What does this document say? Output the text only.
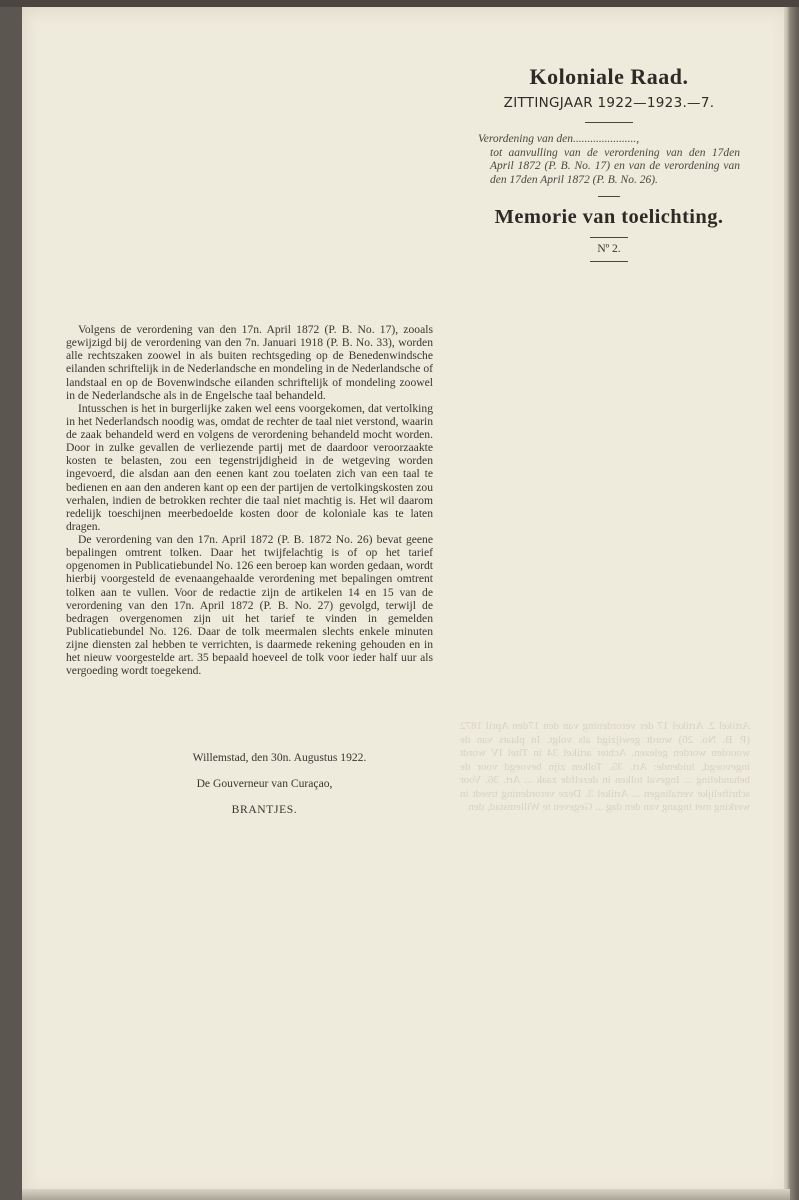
Artikel 2. Artikel 17 der verordening van den 17den April 1872 (P. B. No. 26) wordt gewijzigd als volgt. In plaats van de woorden worden gelezen. Achter artikel 34 in Titel IV wordt ingevoegd, luidende: Art. 35. Tolken zijn bevoegd voor de behandeling ... Ingeval tolken in dezelfde zaak ... Art. 36. Voor schriftelijke vertalingen ... Artikel 3. Deze verordening treedt in werking met ingang van den dag ... Gegeven te Willemstad, den
Koloniale Raad.

ZITTINGJAAR 1922—1923.—7.

Verordening van den......................,
tot aanvulling van de verordening van den 17den April 1872 (P. B. No. 17) en van de verordening van den 17den April 1872 (P. B. No. 26).

Memorie van toelichting.

Nº 2.

Volgens de verordening van den 17n. April 1872 (P. B. No. 17), zooals gewijzigd bij de verordening van den 7n. Januari 1918 (P. B. No. 33), worden alle rechtszaken zoowel in als buiten rechtsgeding op de Benedenwindsche eilanden schriftelijk in de Nederlandsche en mondeling in de Nederlandsche of landstaal en op de Bovenwindsche eilanden schriftelijk of mondeling zoowel in de Nederlandsche als in de Engelsche taal behandeld.

Intusschen is het in burgerlijke zaken wel eens voorgekomen, dat vertolking in het Nederlandsch noodig was, omdat de rechter de taal niet verstond, waarin de zaak behandeld werd en volgens de verordening behandeld mocht worden. Door in zulke gevallen de verliezende partij met de daardoor veroorzaakte kosten te belasten, zou een tegenstrijdigheid in de wetgeving worden ingevoerd, die alsdan aan den eenen kant zou toelaten zich van een taal te bedienen en aan den anderen kant op een der partijen de vertolkingskosten zou verhalen, indien de betrokken rechter die taal niet machtig is. Het wil daarom redelijk toeschijnen meerbedoelde kosten door de koloniale kas te laten dragen.

De verordening van den 17n. April 1872 (P. B. 1872 No. 26) bevat geene bepalingen omtrent tolken. Daar het twijfelachtig is of op het tarief opgenomen in Publicatiebundel No. 126 een beroep kan worden gedaan, wordt hierbij voorgesteld de evenaangehaalde verordening met bepalingen omtrent tolken aan te vullen. Voor de redactie zijn de artikelen 14 en 15 van de verordening van den 17n. April 1872 (P. B. No. 27) gevolgd, terwijl de bedragen overgenomen zijn uit het tarief te vinden in gemelden Publicatiebundel No. 126. Daar de tolk meermalen slechts enkele minuten zijne diensten zal hebben te verrichten, is daarmede rekening gehouden en in het nieuw voorgestelde art. 35 bepaald hoeveel de tolk voor ieder half uur als vergoeding wordt toegekend.

Willemstad, den 30n. Augustus 1922.

De Gouverneur van Curaçao,

BRANTJES.
